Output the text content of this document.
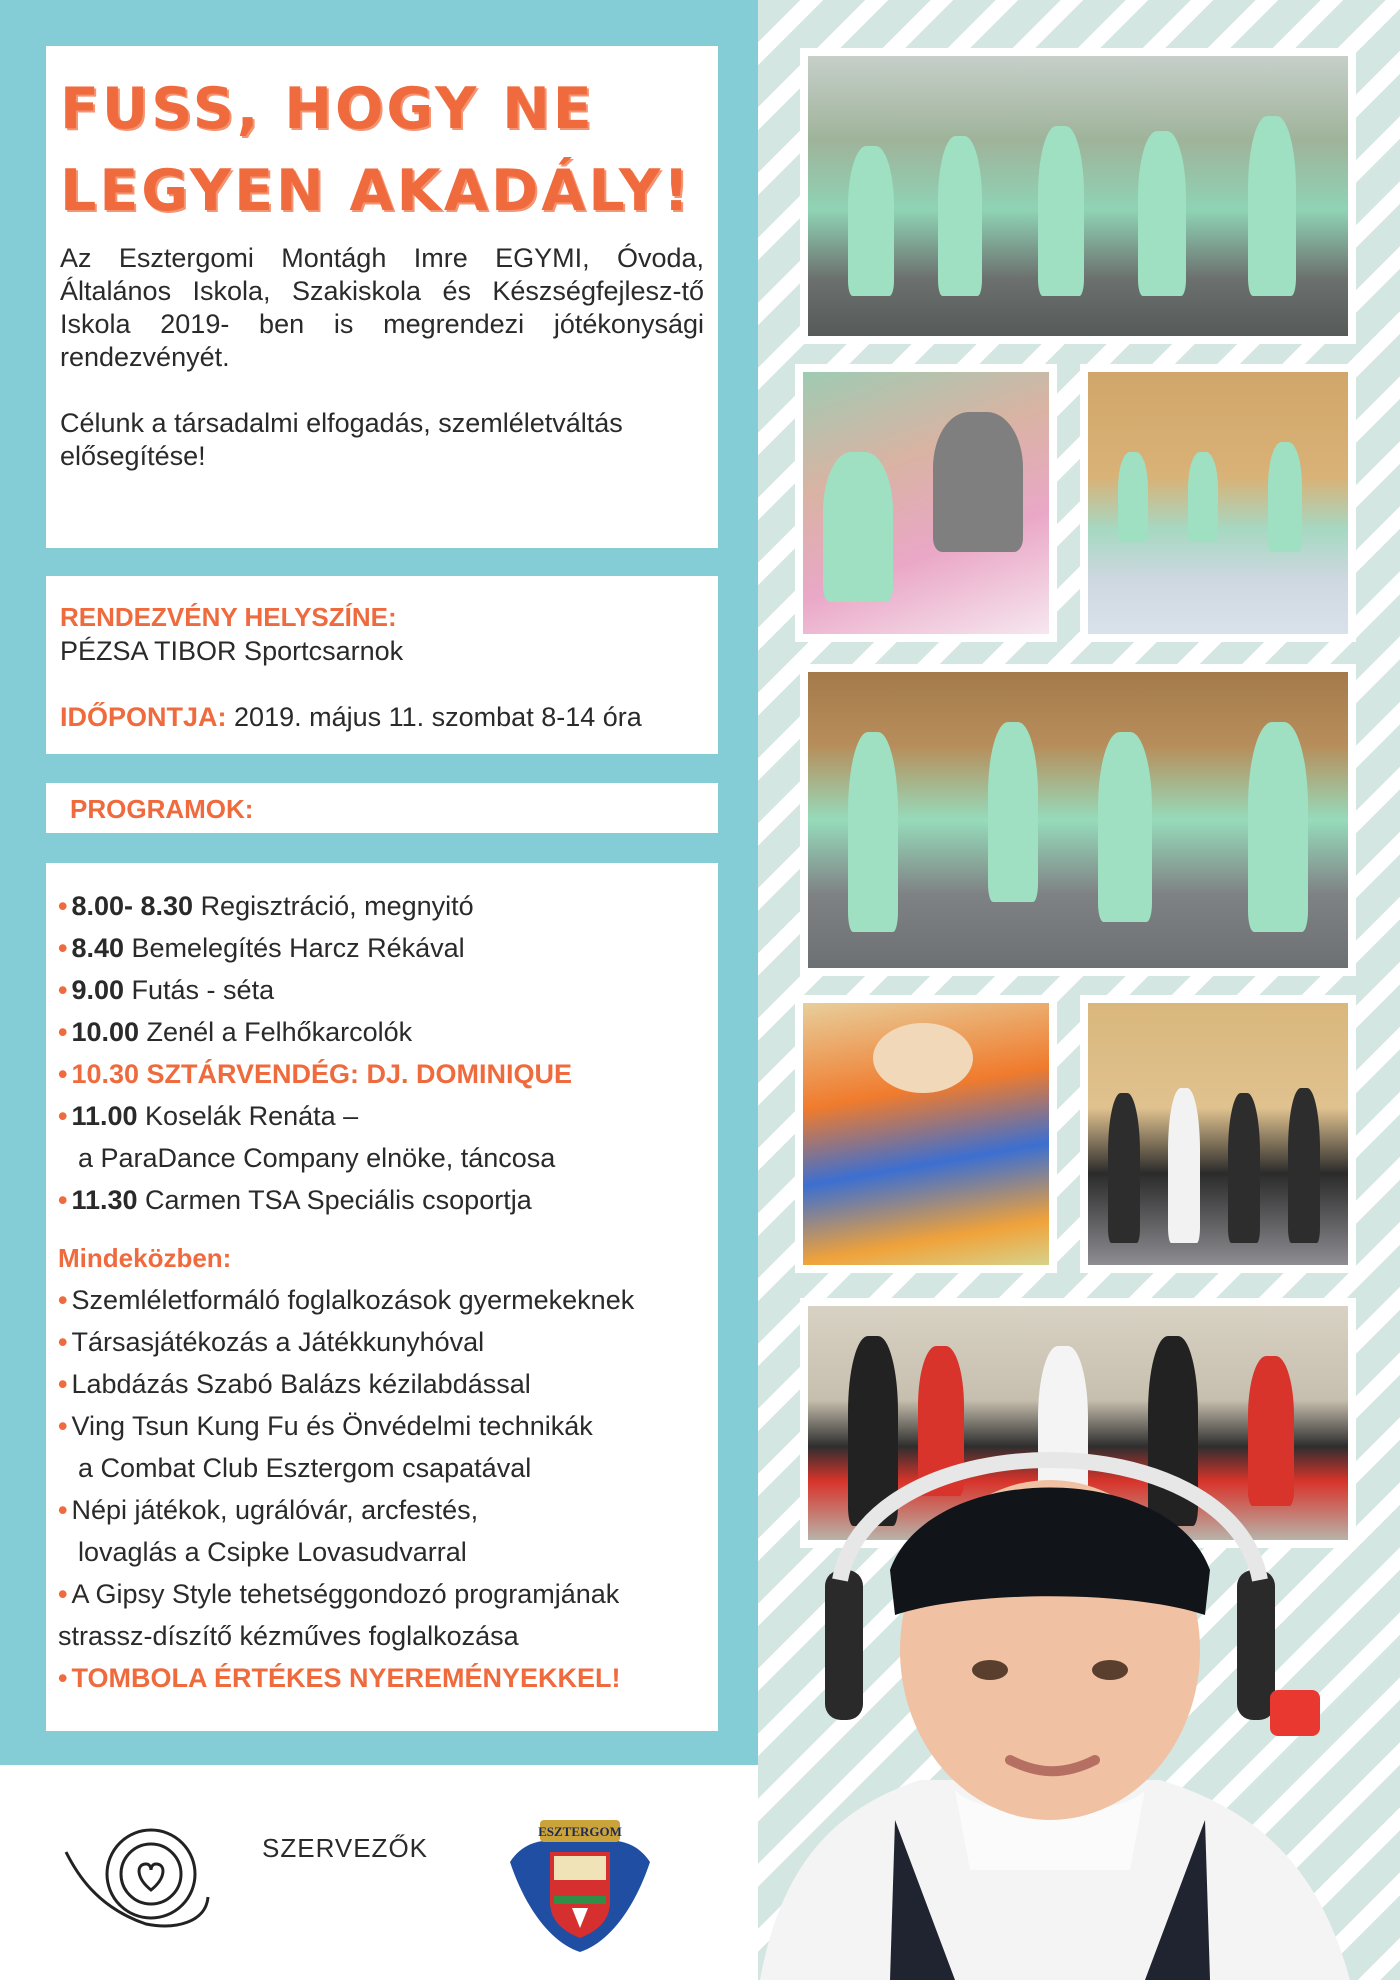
FUSS, HOGY NE
LEGYEN AKADÁLY!

Az Esztergomi Montágh Imre EGYMI, Óvoda, Általános Iskola, Szakiskola és Készségfejlesz-tő Iskola 2019- ben is megrendezi jótékonysági rendezvényét.

Célunk a társadalmi elfogadás, szemléletváltás elősegítése!

RENDEZVÉNY HELYSZÍNE:
PÉZSA TIBOR Sportcsarnok
IDŐPONTJA: 2019. május 11. szombat 8-14 óra
PROGRAMOK:
• 8.00- 8.30 Regisztráció, megnyitó
• 8.40 Bemelegítés Harcz Rékával
• 9.00 Futás - séta
• 10.00 Zenél a Felhőkarcolók
• 10.30 SZTÁRVENDÉG: DJ. DOMINIQUE
• 11.00 Koselák Renáta –
a ParaDance Company elnöke, táncosa
• 11.30 Carmen TSA Speciális csoportja
Mindeközben:
• Szemléletformáló foglalkozások gyermekeknek
• Társasjátékozás a Játékkunyhóval
• Labdázás Szabó Balázs kézilabdással
• Ving Tsun Kung Fu és Önvédelmi technikák
a Combat Club Esztergom csapatával
• Népi játékok, ugrálóvár, arcfestés,
lovaglás a Csipke Lovasudvarral
• A Gipsy Style tehetséggondozó programjának
strassz-díszítő kézműves foglalkozása
• TOMBOLA ÉRTÉKES NYEREMÉNYEKKEL!
SZERVEZŐK
ESZTERGOM
